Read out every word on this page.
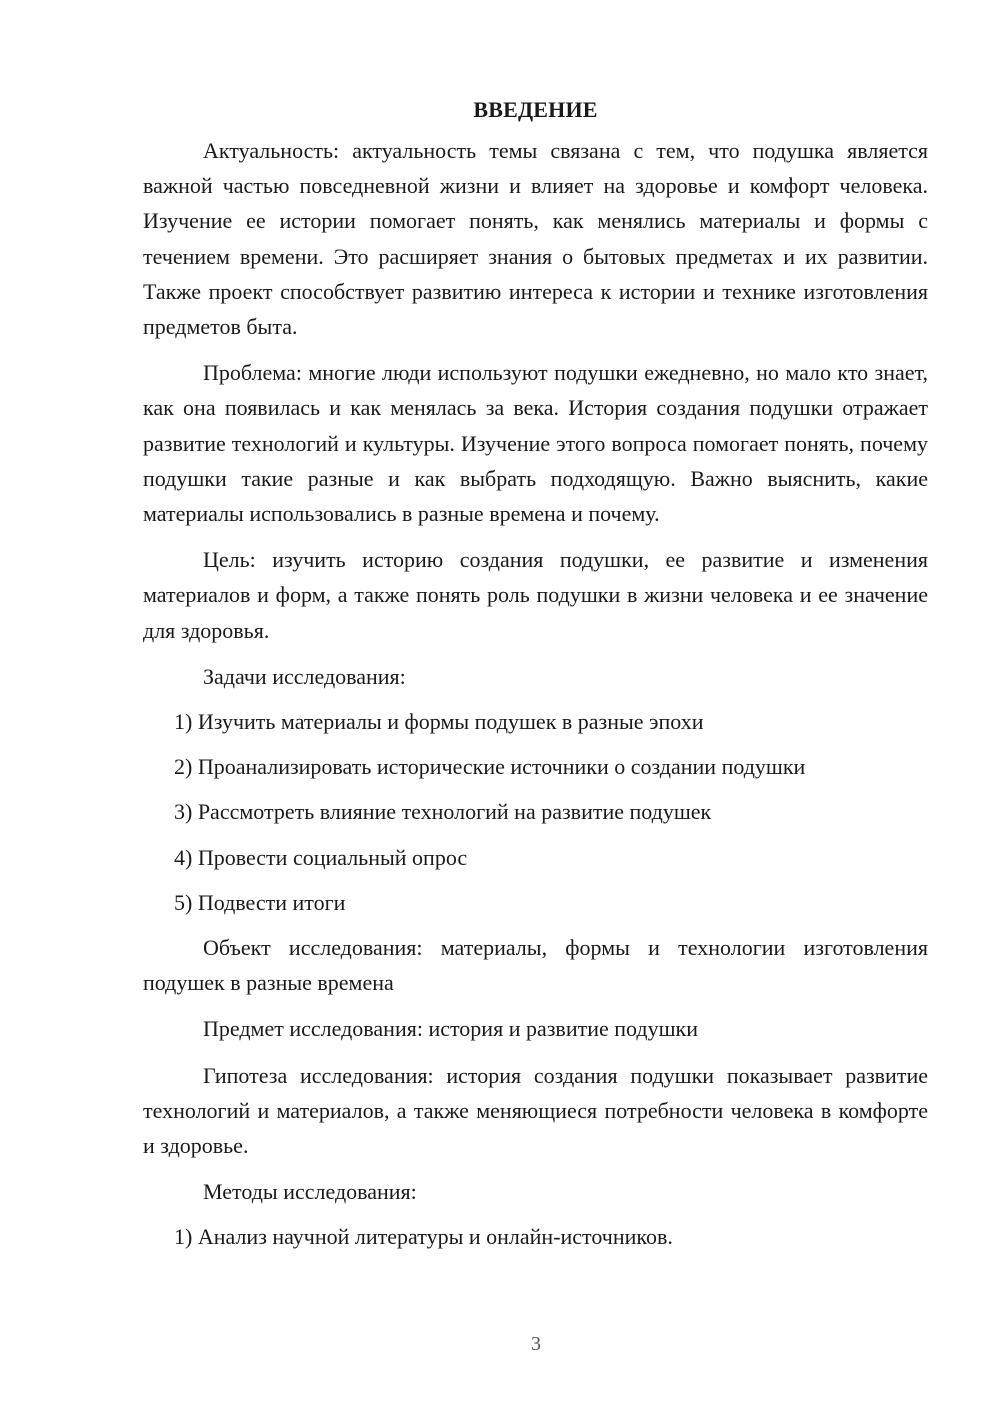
ВВЕДЕНИЕ

Актуальность: актуальность темы связана с тем, что подушка является важной частью повседневной жизни и влияет на здоровье и комфорт человека. Изучение ее истории помогает понять, как менялись материалы и формы с течением времени. Это расширяет знания о бытовых предметах и их развитии. Также проект способствует развитию интереса к истории и технике изготовления предметов быта.

Проблема: многие люди используют подушки ежедневно, но мало кто знает, как она появилась и как менялась за века. История создания подушки отражает развитие технологий и культуры. Изучение этого вопроса помогает понять, почему подушки такие разные и как выбрать подходящую. Важно выяснить, какие материалы использовались в разные времена и почему.

Цель: изучить историю создания подушки, ее развитие и изменения материалов и форм, а также понять роль подушки в жизни человека и ее значение для здоровья.

Задачи исследования:
1) Изучить материалы и формы подушек в разные эпохи
2) Проанализировать исторические источники о создании подушки
3) Рассмотреть влияние технологий на развитие подушек
4) Провести социальный опрос
5) Подвести итоги

Объект исследования: материалы, формы и технологии изготовления подушек в разные времена

Предмет исследования: история и развитие подушки

Гипотеза исследования: история создания подушки показывает развитие технологий и материалов, а также меняющиеся потребности человека в комфорте и здоровье.

Методы исследования:
1) Анализ научной литературы и онлайн-источников.
3
